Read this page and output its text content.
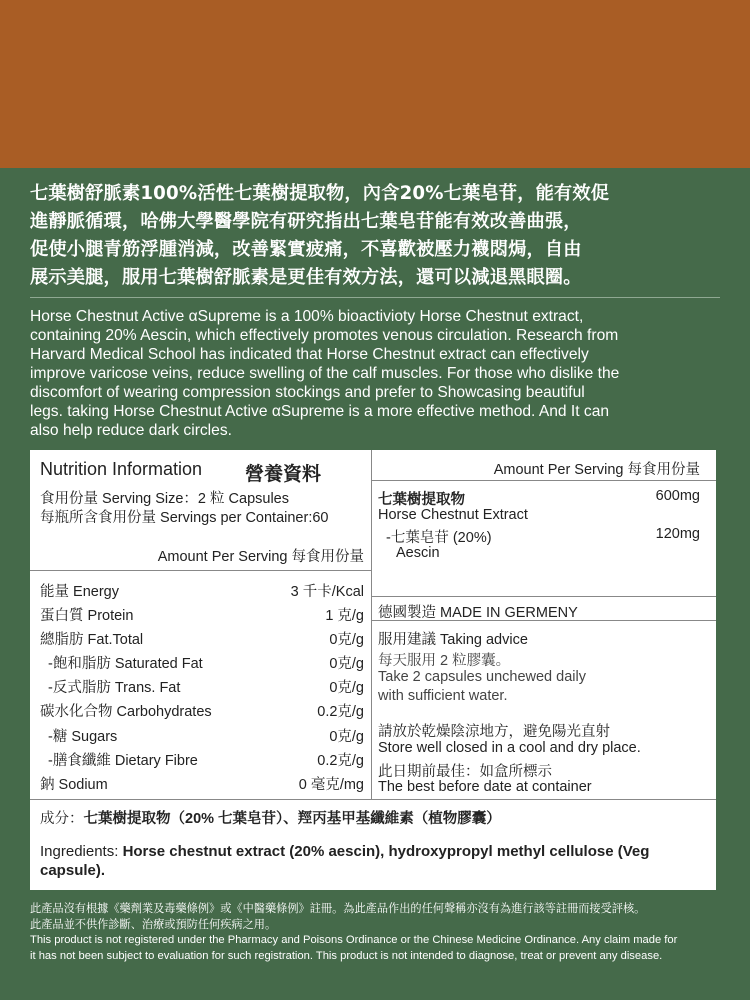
七葉樹舒脈素100%活性七葉樹提取物，內含20%七葉皂苷，能有效促
進靜脈循環，哈佛大學醫學院有研究指出七葉皂苷能有效改善曲張，
促使小腿青筋浮腫消減，改善緊實疲痛，不喜歡被壓力襪悶焗，自由
展示美腿，服用七葉樹舒脈素是更佳有效方法，還可以減退黑眼圈。
Horse Chestnut Active αSupreme is a 100% bioactivioty Horse Chestnut extract,
containing 20% Aescin, which effectively promotes venous circulation. Research from
Harvard Medical School has indicated that Horse Chestnut extract can effectively
improve varicose veins, reduce swelling of the calf muscles. For those who dislike the
discomfort of wearing compression stockings and prefer to Showcasing beautiful
legs. taking Horse Chestnut Active αSupreme is a more effective method. And It can
also help reduce dark circles.
Nutrition Information 營養資料
食用份量 Serving Size：2 粒 Capsules
每瓶所含食用份量 Servings per Container:60
Amount Per Serving 每食用份量
能量 Energy	3 千卡/Kcal
蛋白質 Protein	1 克/g
總脂肪 Fat.Total	0克/g
-飽和脂肪 Saturated Fat	0克/g
-反式脂肪 Trans. Fat	0克/g
碳水化合物 Carbohydrates	0.2克/g
-糖 Sugars	0克/g
-膳食纖維 Dietary Fibre	0.2克/g
鈉 Sodium	0 毫克/mg
Amount Per Serving 每食用份量
七葉樹提取物	600mg
Horse Chestnut Extract
-七葉皂苷 (20%)	120mg
Aescin
德國製造 MADE IN GERMENY
服用建議 Taking advice
每天服用 2 粒膠囊。
Take 2 capsules unchewed daily
with sufficient water.
請放於乾燥陰涼地方，避免陽光直射
Store well closed in a cool and dry place.
此日期前最佳：如盒所標示
The best before date at container
成分：七葉樹提取物（20% 七葉皂苷）、羥丙基甲基纖維素（植物膠囊）
Ingredients: Horse chestnut extract (20% aescin), hydroxypropyl methyl cellulose (Veg
capsule).
此產品沒有根據《藥劑業及毒藥條例》或《中醫藥條例》註冊。為此產品作出的任何聲稱亦沒有為進行該等註冊而接受評核。
此產品並不供作診斷、治療或預防任何疾病之用。
This product is not registered under the Pharmacy and Poisons Ordinance or the Chinese Medicine Ordinance. Any claim made for
it has not been subject to evaluation for such registration. This product is not intended to diagnose, treat or prevent any disease.
